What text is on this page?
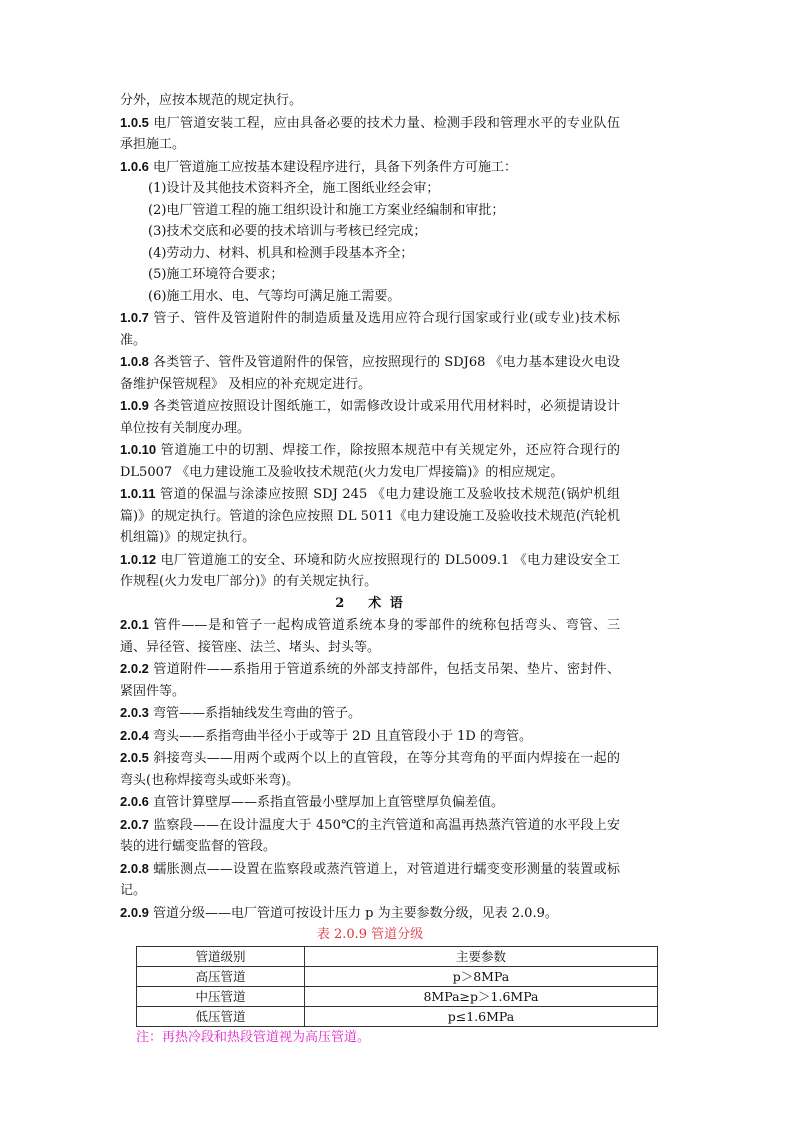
分外，应按本规范的规定执行。

1.0.5 电厂管道安装工程，应由具备必要的技术力量、检测手段和管理水平的专业队伍承担施工。

1.0.6 电厂管道施工应按基本建设程序进行，具备下列条件方可施工：

(1)设计及其他技术资料齐全，施工图纸业经会审；

(2)电厂管道工程的施工组织设计和施工方案业经编制和审批；

(3)技术交底和必要的技术培训与考核已经完成；

(4)劳动力、材料、机具和检测手段基本齐全；

(5)施工环境符合要求；

(6)施工用水、电、气等均可满足施工需要。

1.0.7 管子、管件及管道附件的制造质量及选用应符合现行国家或行业(或专业)技术标准。

1.0.8 各类管子、管件及管道附件的保管，应按照现行的 SDJ68 《电力基本建设火电设备维护保管规程》 及相应的补充规定进行。

1.0.9 各类管道应按照设计图纸施工，如需修改设计或采用代用材料时，必须提请设计单位按有关制度办理。

1.0.10 管道施工中的切割、焊接工作，除按照本规范中有关规定外，还应符合现行的 DL5007 《电力建设施工及验收技术规范(火力发电厂焊接篇)》的相应规定。

1.0.11 管道的保温与涂漆应按照 SDJ 245 《电力建设施工及验收技术规范(锅炉机组篇)》的规定执行。管道的涂色应按照 DL 5011《电力建设施工及验收技术规范(汽轮机机组篇)》的规定执行。

1.0.12 电厂管道施工的安全、环境和防火应按照现行的 DL5009.1 《电力建设安全工作规程(火力发电厂部分)》的有关规定执行。

2 术 语

2.0.1 管件——是和管子一起构成管道系统本身的零部件的统称包括弯头、弯管、三通、异径管、接管座、法兰、堵头、封头等。

2.0.2 管道附件——系指用于管道系统的外部支持部件，包括支吊架、垫片、密封件、紧固件等。

2.0.3 弯管——系指轴线发生弯曲的管子。

2.0.4 弯头——系指弯曲半径小于或等于 2D 且直管段小于 1D 的弯管。

2.0.5 斜接弯头——用两个或两个以上的直管段，在等分其弯角的平面内焊接在一起的弯头(也称焊接弯头或虾米弯)。

2.0.6 直管计算壁厚——系指直管最小壁厚加上直管壁厚负偏差值。

2.0.7 监察段——在设计温度大于 450℃的主汽管道和高温再热蒸汽管道的水平段上安装的进行蠕变监督的管段。

2.0.8 蠕胀测点——设置在监察段或蒸汽管道上，对管道进行蠕变变形测量的装置或标记。

2.0.9 管道分级——电厂管道可按设计压力 p 为主要参数分级，见表 2.0.9。

表 2.0.9 管道分级

管道级别	主要参数
高压管道	p＞8MPa
中压管道	8MPa≥p＞1.6MPa
低压管道	p≤1.6MPa

注：再热冷段和热段管道视为高压管道。
